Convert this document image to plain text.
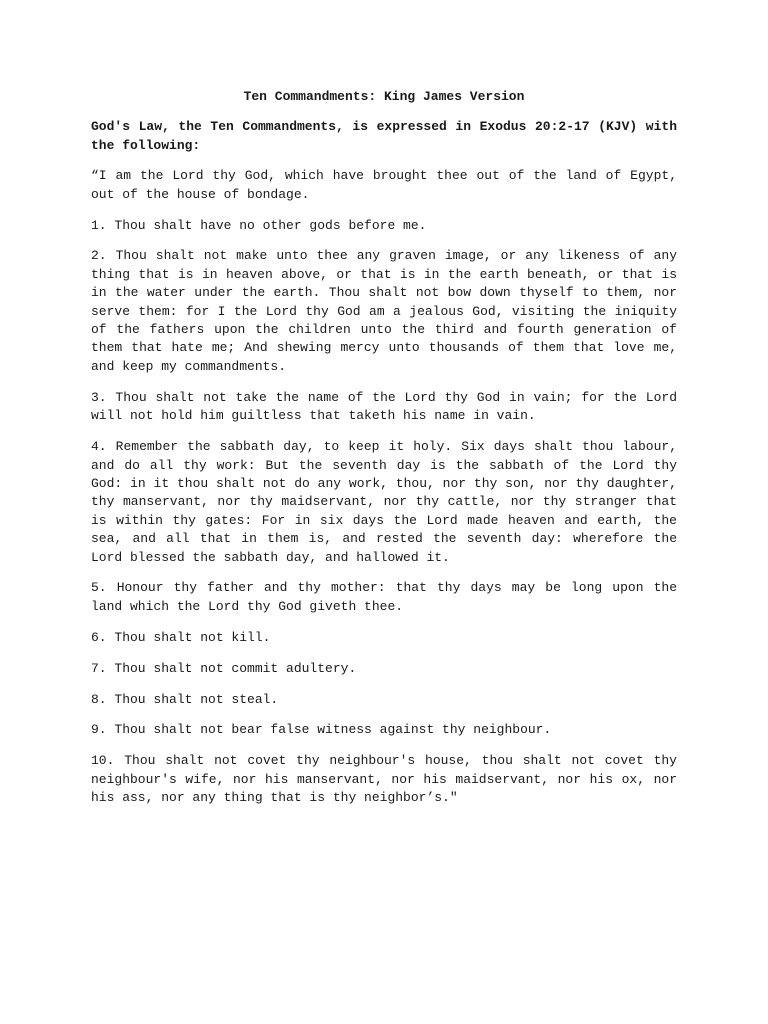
Ten Commandments: King James Version

God's Law, the Ten Commandments, is expressed in Exodus 20:2-17 (KJV) with the following:

“I am the Lord thy God, which have brought thee out of the land of Egypt, out of the house of bondage.

1. Thou shalt have no other gods before me.

2. Thou shalt not make unto thee any graven image, or any likeness of any thing that is in heaven above, or that is in the earth beneath, or that is in the water under the earth. Thou shalt not bow down thyself to them, nor serve them: for I the Lord thy God am a jealous God, visiting the iniquity of the fathers upon the children unto the third and fourth generation of them that hate me; And shewing mercy unto thousands of them that love me, and keep my commandments.

3. Thou shalt not take the name of the Lord thy God in vain; for the Lord will not hold him guiltless that taketh his name in vain.

4. Remember the sabbath day, to keep it holy. Six days shalt thou labour, and do all thy work: But the seventh day is the sabbath of the Lord thy God: in it thou shalt not do any work, thou, nor thy son, nor thy daughter, thy manservant, nor thy maidservant, nor thy cattle, nor thy stranger that is within thy gates: For in six days the Lord made heaven and earth, the sea, and all that in them is, and rested the seventh day: wherefore the Lord blessed the sabbath day, and hallowed it.

5. Honour thy father and thy mother: that thy days may be long upon the land which the Lord thy God giveth thee.

6. Thou shalt not kill.

7. Thou shalt not commit adultery.

8. Thou shalt not steal.

9. Thou shalt not bear false witness against thy neighbour.

10. Thou shalt not covet thy neighbour's house, thou shalt not covet thy neighbour's wife, nor his manservant, nor his maidservant, nor his ox, nor his ass, nor any thing that is thy neighbor’s."
